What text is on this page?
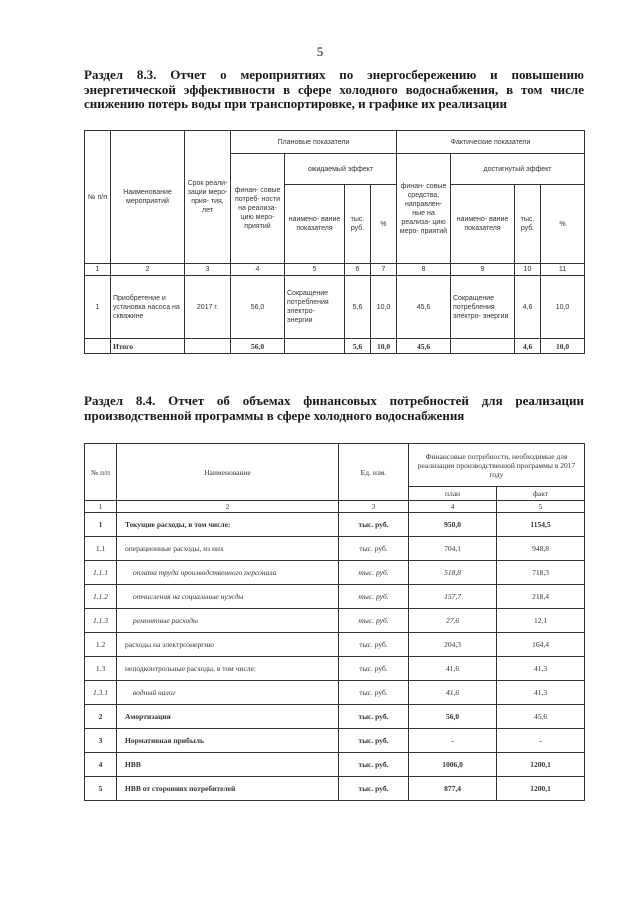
5

Раздел 8.3. Отчет о мероприятиях по энергосбережению и повышению энергетической эффективности в сфере холодного водоснабжения, в том числе снижению потерь воды при транспортировке, и графике их реализации

№ п/п	Наименование мероприятий	Срок реали- зации меро- прия- тия, лет	Плановые показатели				Фактические показатели			
			финан- совые потреб- ности на реализа- цию меро- приятий	ожидаемый эффект			финан- совые средства, направлен- ные на реализа- цию меро- приятий	достигнутый эффект		
				наимено- вание показателя	тыс. руб.	%		наимено- вание показателя	тыс. руб.	%
1	2	3	4	5	6	7	8	9	10	11
1	Приобретение и установка насоса на скважине	2017 г.	56,0	Сокращение потребления электро- энергии	5,6	10,0	45,6	Сокращение потребления электро- энергии	4,6	10,0
	Итого		56,0		5,6	10,0	45,6		4,6	10,0

Раздел 8.4. Отчет об объемах финансовых потребностей для реализации производственной программы в сфере холодного водоснабжения

№ п/п	Наименование	Ед. изм.	Финансовые потребности, необходимые для реализации производственной программы в 2017 году	
			план	факт
1	2	3	4	5
1	Текущие расходы, в том числе:	тыс. руб.	950,0	1154,5
1.1	операционные расходы, из них	тыс. руб.	704,1	948,8
1.1.1	оплата труда производственного персонала	тыс. руб.	518,8	718,3
1.1.2	отчисления на социальные нужды	тыс. руб.	157,7	218,4
1.1.3	ремонтные расходы	тыс. руб.	27,6	12,1
1.2	расходы на электроэнергию	тыс. руб.	204,3	164,4
1.3	неподконтрольные расходы, в том числе:	тыс. руб.	41,6	41,3
1.3.1	водный налог	тыс. руб.	41,6	41,3
2	Амортизация	тыс. руб.	56,0	45,6
3	Нормативная прибыль	тыс. руб.	-	-
4	НВВ	тыс. руб.	1006,0	1200,1
5	НВВ от сторонних потребителей	тыс. руб.	877,4	1200,1
